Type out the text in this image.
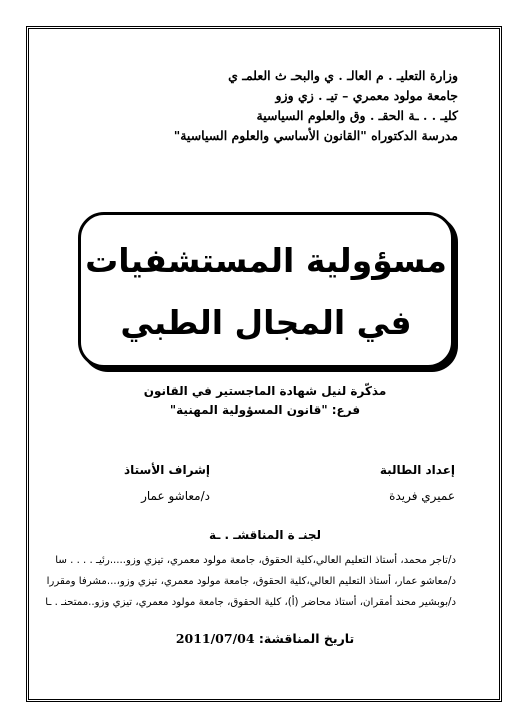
وزارة التعليـ . م العالـ . ي والبحـ ث العلمـ ي
جامعة مولود معمري – تيـ . زي وزو
كليـ . . ـة الحقـ . وق والعلوم السياسية
مدرسة الدكتوراه "القانون الأساسي والعلوم السياسية"
مسؤولية المستشفيات
في المجال الطبي
مذكّرة لنيل شهادة الماجستير في القانون
فرع: "قانون المسؤولية المهنية"
إعداد الطالبة
عميري فريدة
إشراف الأستاذ
د/معاشو عمار
لجنـ ة المناقشـ . ـة
د/تاجر محمد، أستاذ التعليم العالي،كلية الحقوق، جامعة مولود معمري، تيزي وزو.....رئيـ . . . . سا
د/معاشو عمار، أستاذ التعليم العالي،كلية الحقوق، جامعة مولود معمري، تيزي وزو،...مشرفا ومقررا
د/بوبشير محند أمقران، أستاذ محاضر (أ)، كلية الحقوق، جامعة مولود معمري، تيزي وزو..ممتحنـ . ـا
تاريخ المناقشة: 2011/07/04
